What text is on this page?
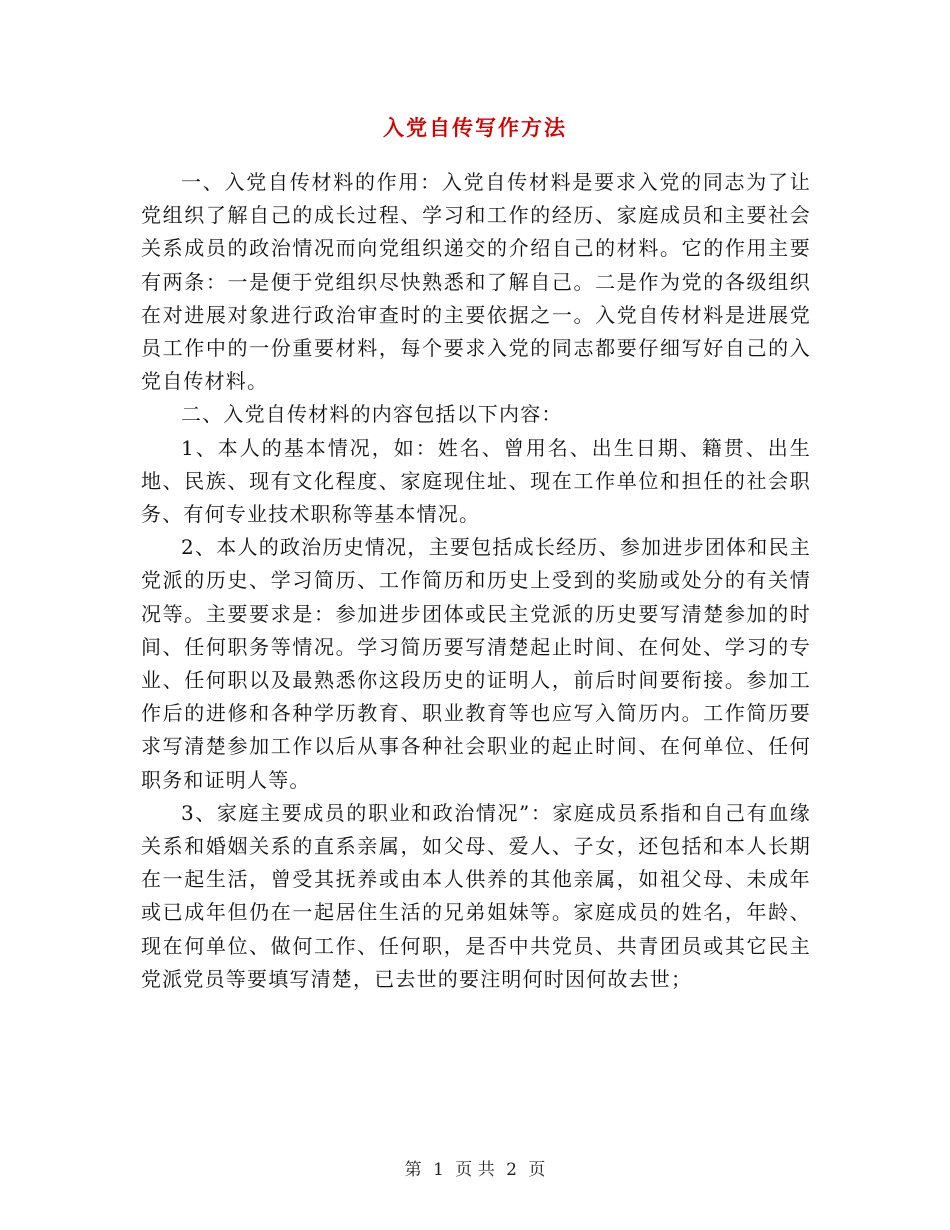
入党自传写作方法

一、入党自传材料的作用：入党自传材料是要求入党的同志为了让党组织了解自己的成长过程、学习和工作的经历、家庭成员和主要社会关系成员的政治情况而向党组织递交的介绍自己的材料。它的作用主要有两条：一是便于党组织尽快熟悉和了解自己。二是作为党的各级组织在对进展对象进行政治审查时的主要依据之一。入党自传材料是进展党员工作中的一份重要材料，每个要求入党的同志都要仔细写好自己的入党自传材料。

二、入党自传材料的内容包括以下内容：

1、本人的基本情况，如：姓名、曾用名、出生日期、籍贯、出生地、民族、现有文化程度、家庭现住址、现在工作单位和担任的社会职务、有何专业技术职称等基本情况。

2、本人的政治历史情况，主要包括成长经历、参加进步团体和民主党派的历史、学习简历、工作简历和历史上受到的奖励或处分的有关情况等。主要要求是：参加进步团体或民主党派的历史要写清楚参加的时间、任何职务等情况。学习简历要写清楚起止时间、在何处、学习的专业、任何职以及最熟悉你这段历史的证明人，前后时间要衔接。参加工作后的进修和各种学历教育、职业教育等也应写入简历内。工作简历要求写清楚参加工作以后从事各种社会职业的起止时间、在何单位、任何职务和证明人等。

3、家庭主要成员的职业和政治情况”：家庭成员系指和自己有血缘关系和婚姻关系的直系亲属，如父母、爱人、子女，还包括和本人长期在一起生活，曾受其抚养或由本人供养的其他亲属，如祖父母、未成年或已成年但仍在一起居住生活的兄弟姐妹等。家庭成员的姓名，年龄、现在何单位、做何工作、任何职，是否中共党员、共青团员或其它民主党派党员等要填写清楚，已去世的要注明何时因何故去世；

第 1 页 共 2 页
